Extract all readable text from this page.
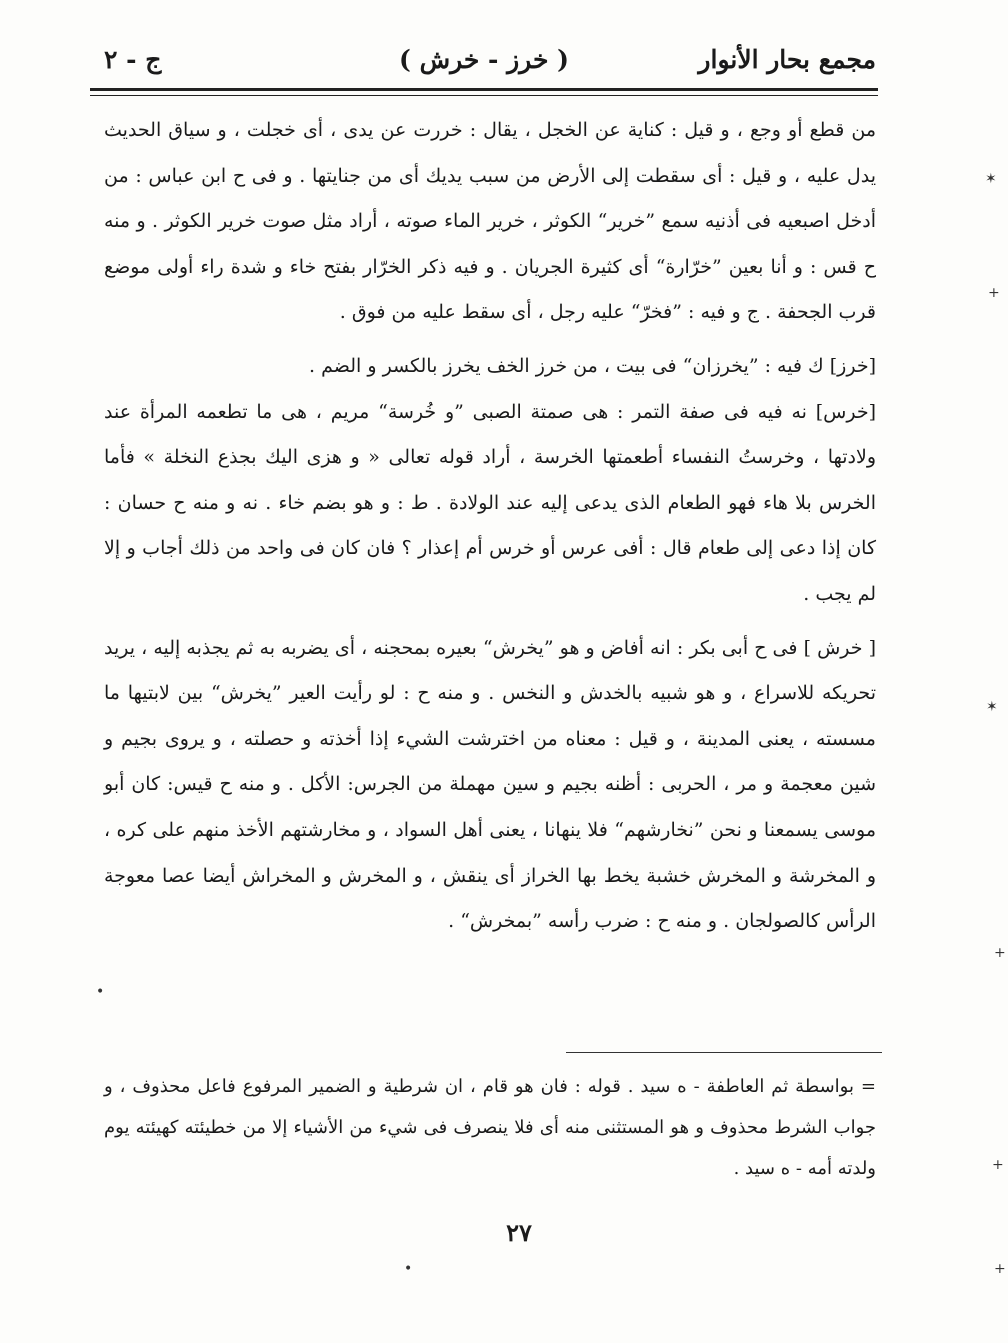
مجمع بحار الأنوار
( خرز - خرش )
ج - ٢

من قطع أو وجع ، و قيل : كناية عن الخجل ، يقال : خررت عن يدى ، أى خجلت ، و سياق الحديث يدل عليه ، و قيل : أى سقطت إلى الأرض من سبب يديك أى من جنايتها . و فى ح ابن عباس : من أدخل اصبعيه فى أذنيه سمع ”خرير“ الكوثر ، خرير الماء صوته ، أراد مثل صوت خرير الكوثر . و منه ح قس : و أنا بعين ”خرّارة“ أى كثيرة الجريان . و فيه ذكر الخرّار بفتح خاء و شدة راء أولى موضع قرب الجحفة . ج و فيه : ”فخرّ“ عليه رجل ، أى سقط عليه من فوق .

[خرز] ك فيه : ”يخرزان“ فى بيت ، من خرز الخف يخرز بالكسر و الضم .

[خرس] نه فيه فى صفة التمر : هى صمتة الصبى ”و خُرسة“ مريم ، هى ما تطعمه المرأة عند ولادتها ، وخرستُ النفساء أطعمتها الخرسة ، أراد قوله تعالى « و هزى اليك بجذع النخلة » فأما الخرس بلا هاء فهو الطعام الذى يدعى إليه عند الولادة . ط : و هو بضم خاء . نه و منه ح حسان : كان إذا دعى إلى طعام قال : أفى عرس أو خرس أم إعذار ؟ فان كان فى واحد من ذلك أجاب و إلا لم يجب .

[ خرش ] فى ح أبى بكر : انه أفاض و هو ”يخرش“ بعيره بمحجنه ، أى يضربه به ثم يجذبه إليه ، يريد تحريكه للاسراع ، و هو شبيه بالخدش و النخس . و منه ح : لو رأيت العير ”يخرش“ بين لابتيها ما مسسته ، يعنى المدينة ، و قيل : معناه من اخترشت الشيء إذا أخذته و حصلته ، و يروى بجيم و شين معجمة و مر ، الحربى : أظنه بجيم و سين مهملة من الجرس: الأكل . و منه ح قيس: كان أبو موسى يسمعنا و نحن ”نخارشهم“ فلا ينهانا ، يعنى أهل السواد ، و مخارشتهم الأخذ منهم على كره ، و المخرشة و المخرش خشبة يخط بها الخراز أى ينقش ، و المخرش و المخراش أيضا عصا معوجة الرأس كالصولجان . و منه ح : ضرب رأسه ”بمخرش“ .

= بواسطة ثم العاطفة - ه سيد . قوله : فان هو قام ، ان شرطية و الضمير المرفوع فاعل محذوف ، و جواب الشرط محذوف و هو المستثنى منه أى فلا ينصرف فى شيء من الأشياء إلا من خطيئته كهيئته يوم ولدته أمه - ه سيد .

٢٧
✶
+
✶
+
•
+
+
•
